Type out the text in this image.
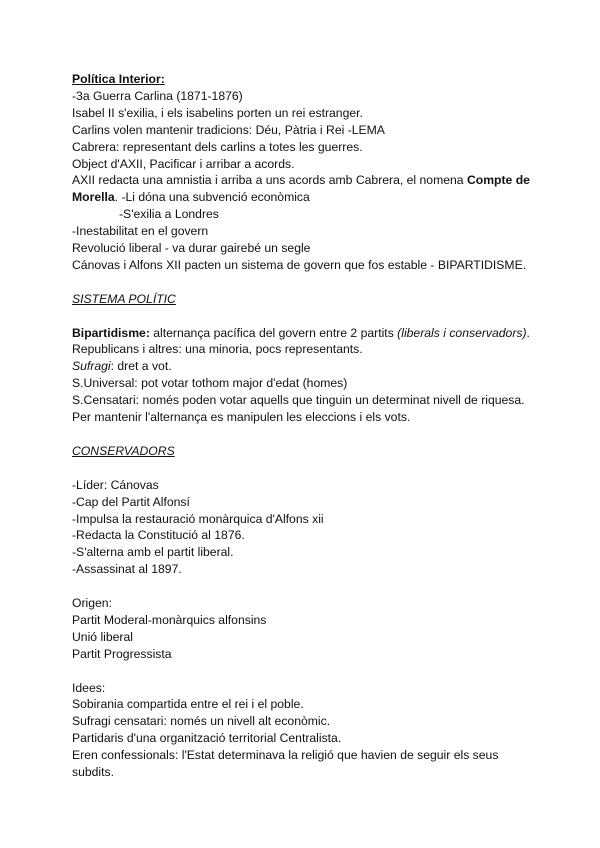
Política Interior:
-3a Guerra Carlina (1871-1876)
Isabel II s'exilia, i els isabelins porten un rei estranger.
Carlins volen mantenir tradicions: Déu, Pàtria i Rei -LEMA
Cabrera: representant dels carlins a totes les guerres.
Object d'AXII, Pacificar i arribar a acords.
AXII redacta una amnistia i arriba a uns acords amb Cabrera, el nomena Compte de
Morella. -Li dóna una subvenció econòmica
-S'exilia a Londres
-Inestabilitat en el govern
Revolució liberal - va durar gairebé un segle
Cánovas i Alfons XII pacten un sistema de govern que fos estable - BIPARTIDISME.
SISTEMA POLÍTIC
Bipartidisme: alternança pacífica del govern entre 2 partits (liberals i conservadors).
Republicans i altres: una minoria, pocs representants.
Sufragi: dret a vot.
S.Universal: pot votar tothom major d'edat (homes)
S.Censatari: només poden votar aquells que tinguin un determinat nivell de riquesa.
Per mantenir l'alternança es manipulen les eleccions i els vots.
CONSERVADORS
-Líder: Cánovas
-Cap del Partit Alfonsí
-Impulsa la restauració monàrquica d'Alfons xii
-Redacta la Constitució al 1876.
-S'alterna amb el partit liberal.
-Assassinat al 1897.
Origen:
Partit Moderal-monàrquics alfonsins
Unió liberal
Partit Progressista
Idees:
Sobirania compartida entre el rei i el poble.
Sufragi censatari: només un nivell alt econòmic.
Partidaris d'una organització territorial Centralista.
Eren confessionals: l'Estat determinava la religió que havien de seguir els seus subdits.
